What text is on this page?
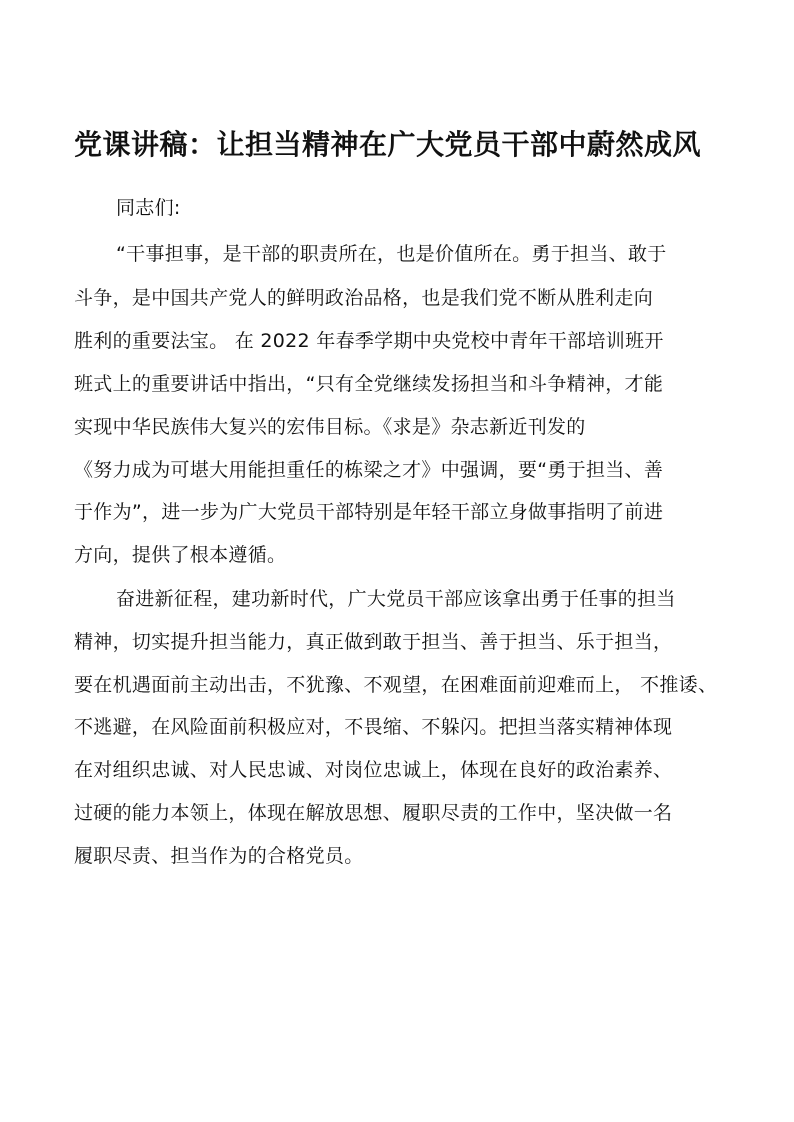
党课讲稿：让担当精神在广大党员干部中蔚然成风

同志们:

“干事担事，是干部的职责所在，也是价值所在。勇于担当、敢于

斗争，是中国共产党人的鲜明政治品格，也是我们党不断从胜利走向

胜利的重要法宝。 在 2022 年春季学期中央党校中青年干部培训班开

班式上的重要讲话中指出，“只有全党继续发扬担当和斗争精神，才能

实现中华民族伟大复兴的宏伟目标。《求是》杂志新近刊发的

《努力成为可堪大用能担重任的栋梁之才》中强调，要“勇于担当、善

于作为”，进一步为广大党员干部特别是年轻干部立身做事指明了前进

方向，提供了根本遵循。

奋进新征程，建功新时代，广大党员干部应该拿出勇于任事的担当

精神，切实提升担当能力，真正做到敢于担当、善于担当、乐于担当，

要在机遇面前主动出击，不犹豫、不观望，在困难面前迎难而上， 不推诿、

不逃避，在风险面前积极应对，不畏缩、不躲闪。把担当落实精神体现

在对组织忠诚、对人民忠诚、对岗位忠诚上，体现在良好的政治素养、

过硬的能力本领上，体现在解放思想、履职尽责的工作中，坚决做一名

履职尽责、担当作为的合格党员。
